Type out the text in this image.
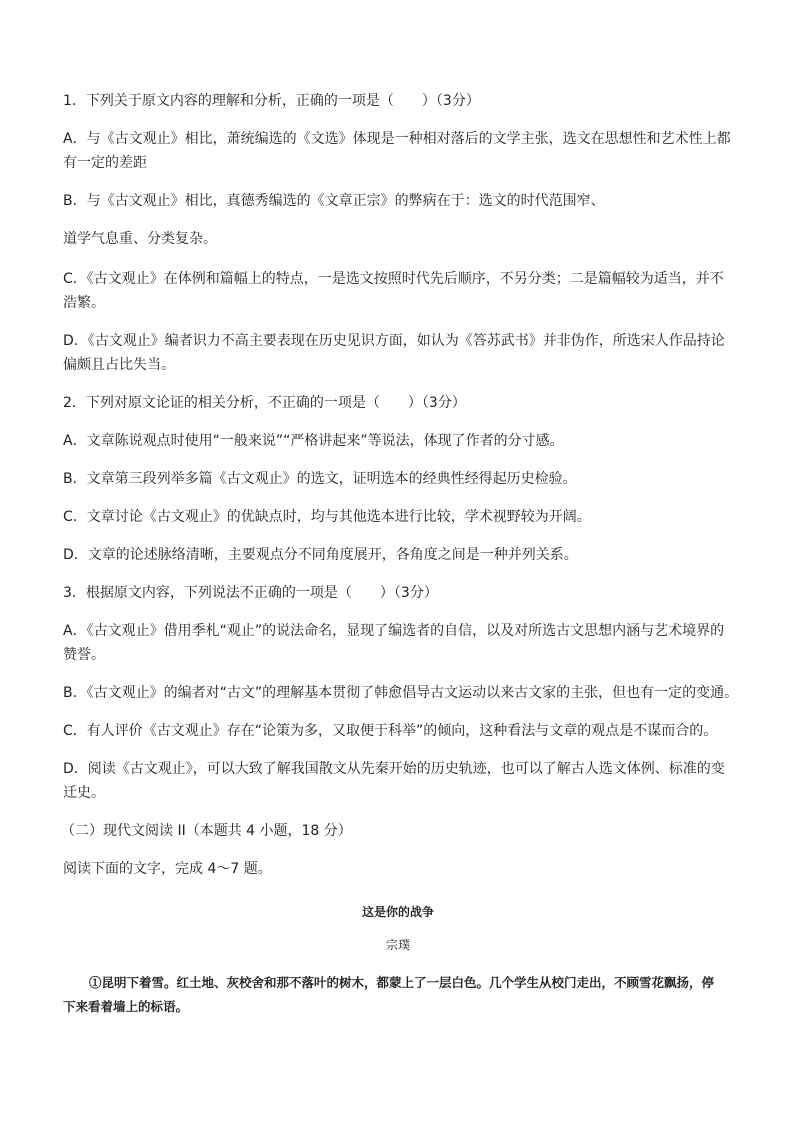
1．下列关于原文内容的理解和分析，正确的一项是（　　）（3分）
A．与《古文观止》相比，萧统编选的《文选》体现是一种相对落后的文学主张，选文在思想性和艺术性上都
有一定的差距
B．与《古文观止》相比，真德秀编选的《文章正宗》的弊病在于：选文的时代范围窄、
道学气息重、分类复杂。
C．《古文观止》在体例和篇幅上的特点，一是选文按照时代先后顺序，不另分类；二是篇幅较为适当，并不
浩繁。
D．《古文观止》编者识力不高主要表现在历史见识方面，如认为《答苏武书》并非伪作，所选宋人作品持论
偏颇且占比失当。
2．下列对原文论证的相关分析，不正确的一项是（　　）（3分）
A．文章陈说观点时使用“一般来说”“严格讲起来”等说法，体现了作者的分寸感。
B．文章第三段列举多篇《古文观止》的选文，证明选本的经典性经得起历史检验。
C．文章讨论《古文观止》的优缺点时，均与其他选本进行比较，学术视野较为开阔。
D．文章的论述脉络清晰，主要观点分不同角度展开，各角度之间是一种并列关系。
3．根据原文内容，下列说法不正确的一项是（　　）（3分）
A．《古文观止》借用季札“观止”的说法命名，显现了编选者的自信，以及对所选古文思想内涵与艺术境界的
赞誉。
B．《古文观止》的编者对“古文”的理解基本贯彻了韩愈倡导古文运动以来古文家的主张，但也有一定的变通。
C．有人评价《古文观止》存在“论策为多，又取便于科举”的倾向，这种看法与文章的观点是不谋而合的。
D．阅读《古文观止》，可以大致了解我国散文从先秦开始的历史轨迹，也可以了解古人选文体例、标准的变
迁史。
（二）现代文阅读 II（本题共 4 小题，18 分）
阅读下面的文字，完成 4～7 题。
这是你的战争
宗璞
①昆明下着雪。红土地、灰校舍和那不落叶的树木，都蒙上了一层白色。几个学生从校门走出，不顾雪花飘扬，停下来看着墙上的标语。
